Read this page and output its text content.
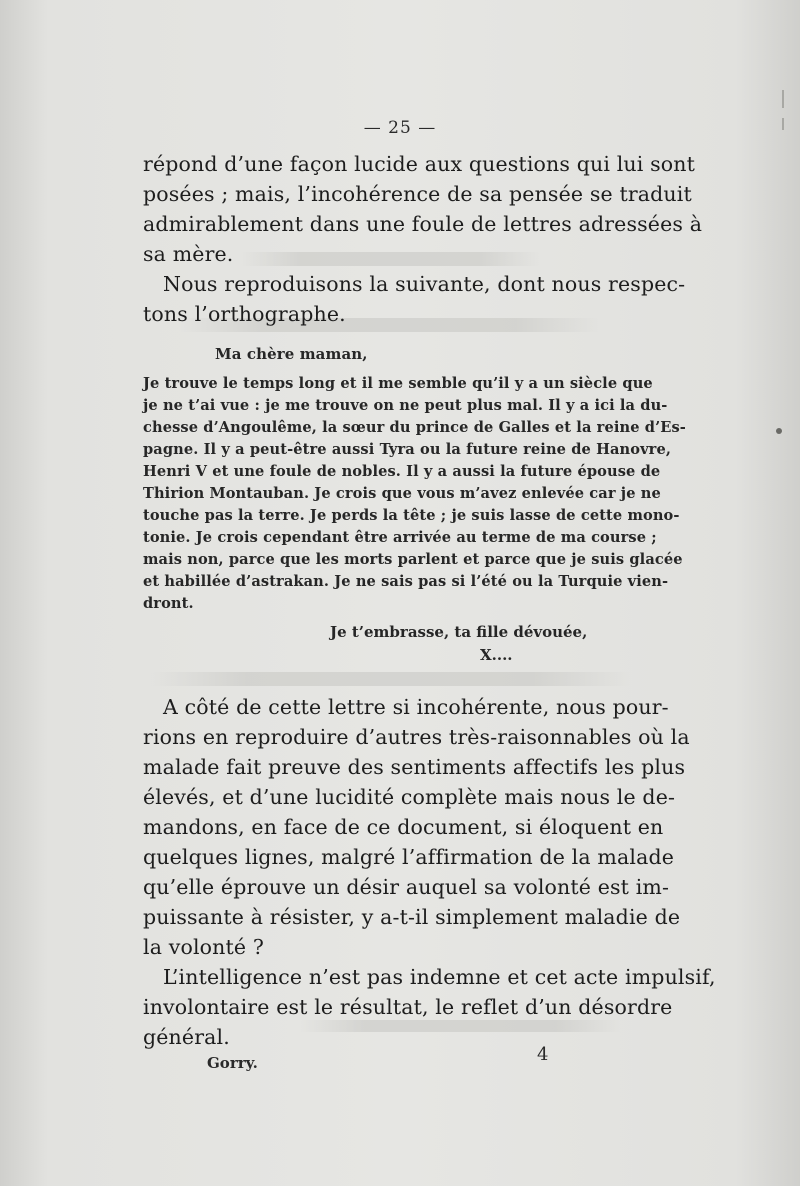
— 25 —
répond d’une façon lucide aux questions qui lui sont
posées ; mais, l’incohérence de sa pensée se traduit
admirablement dans une foule de lettres adressées à
sa mère.
Nous reproduisons la suivante, dont nous respec-
tons l’orthographe.
Ma chère maman,
Je trouve le temps long et il me semble qu’il y a un siècle que
je ne t’ai vue : je me trouve on ne peut plus mal. Il y a ici la du-
chesse d’Angoulême, la sœur du prince de Galles et la reine d’Es-
pagne. Il y a peut-être aussi Tyra ou la future reine de Hanovre,
Henri V et une foule de nobles. Il y a aussi la future épouse de
Thirion Montauban. Je crois que vous m’avez enlevée car je ne
touche pas la terre. Je perds la tête ; je suis lasse de cette mono-
tonie. Je crois cependant être arrivée au terme de ma course ;
mais non, parce que les morts parlent et parce que je suis glacée
et habillée d’astrakan. Je ne sais pas si l’été ou la Turquie vien-
dront.
Je t’embrasse, ta fille dévouée,
X....
A côté de cette lettre si incohérente, nous pour-
rions en reproduire d’autres très-raisonnables où la
malade fait preuve des sentiments affectifs les plus
élevés, et d’une lucidité complète mais nous le de-
mandons, en face de ce document, si éloquent en
quelques lignes, malgré l’affirmation de la malade
qu’elle éprouve un désir auquel sa volonté est im-
puissante à résister, y a-t-il simplement maladie de
la volonté ?
L’intelligence n’est pas indemne et cet acte impulsif,
involontaire est le résultat, le reflet d’un désordre
général.
Gorry.	4
